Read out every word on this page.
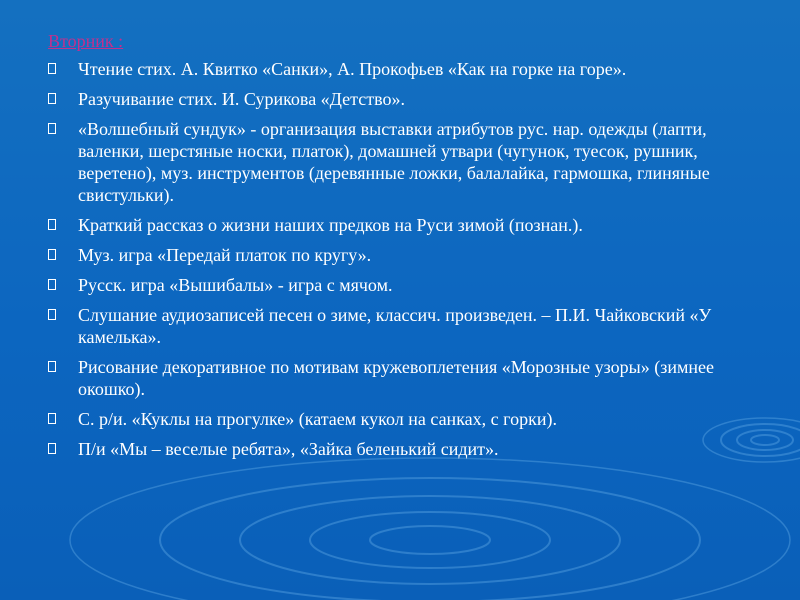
Вторник :
Чтение стих. А. Квитко «Санки», А. Прокофьев «Как на горке на горе».
Разучивание стих. И. Сурикова «Детство».
«Волшебный сундук» - организация выставки атрибутов рус. нар. одежды (лапти, валенки, шерстяные носки, платок), домашней утвари (чугунок, туесок, рушник, веретено), муз. инструментов (деревянные ложки, балалайка, гармошка, глиняные свистульки).
Краткий рассказ о жизни наших предков на Руси зимой (познан.).
Муз. игра «Передай платок по кругу».
Русск. игра «Вышибалы» - игра с мячом.
Слушание аудиозаписей песен о зиме, классич. произведен. – П.И. Чайковский «У камелька».
Рисование декоративное по мотивам кружевоплетения «Морозные узоры» (зимнее окошко).
С. р/и. «Куклы на прогулке» (катаем кукол на санках, с горки).
П/и «Мы – веселые ребята», «Зайка беленький сидит».
